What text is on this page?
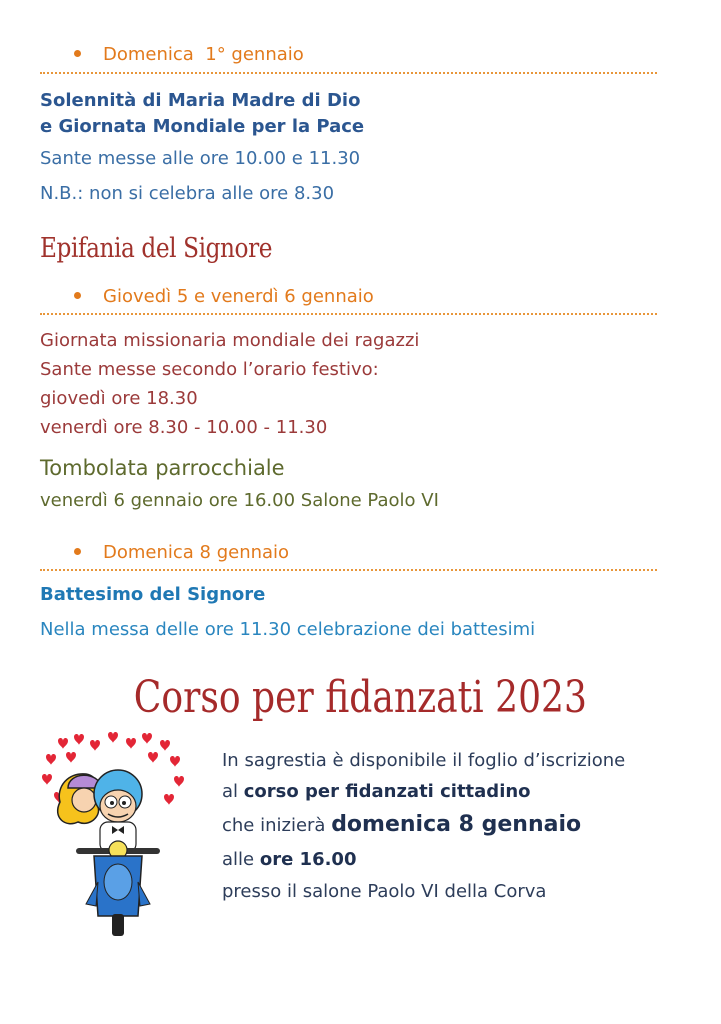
Domenica  1° gennaio
Solennità di Maria Madre di Dio
e Giornata Mondiale per la Pace
Sante messe alle ore 10.00 e 11.30
N.B.: non si celebra alle ore 8.30
Epifania del Signore
Giovedì 5 e venerdì 6 gennaio
Giornata missionaria mondiale dei ragazzi
Sante messe secondo l’orario festivo:
giovedì ore 18.30
venerdì ore 8.30 - 10.00 - 11.30
Tombolata parrocchiale
venerdì 6 gennaio ore 16.00 Salone Paolo VI
Domenica 8 gennaio
Battesimo del Signore
Nella messa delle ore 11.30 celebrazione dei battesimi
Corso per fidanzati 2023
In sagrestia è disponibile il foglio d’iscrizione
al corso per fidanzati cittadino
che inizierà domenica 8 gennaio
alle ore 16.00
presso il salone Paolo VI della Corva
